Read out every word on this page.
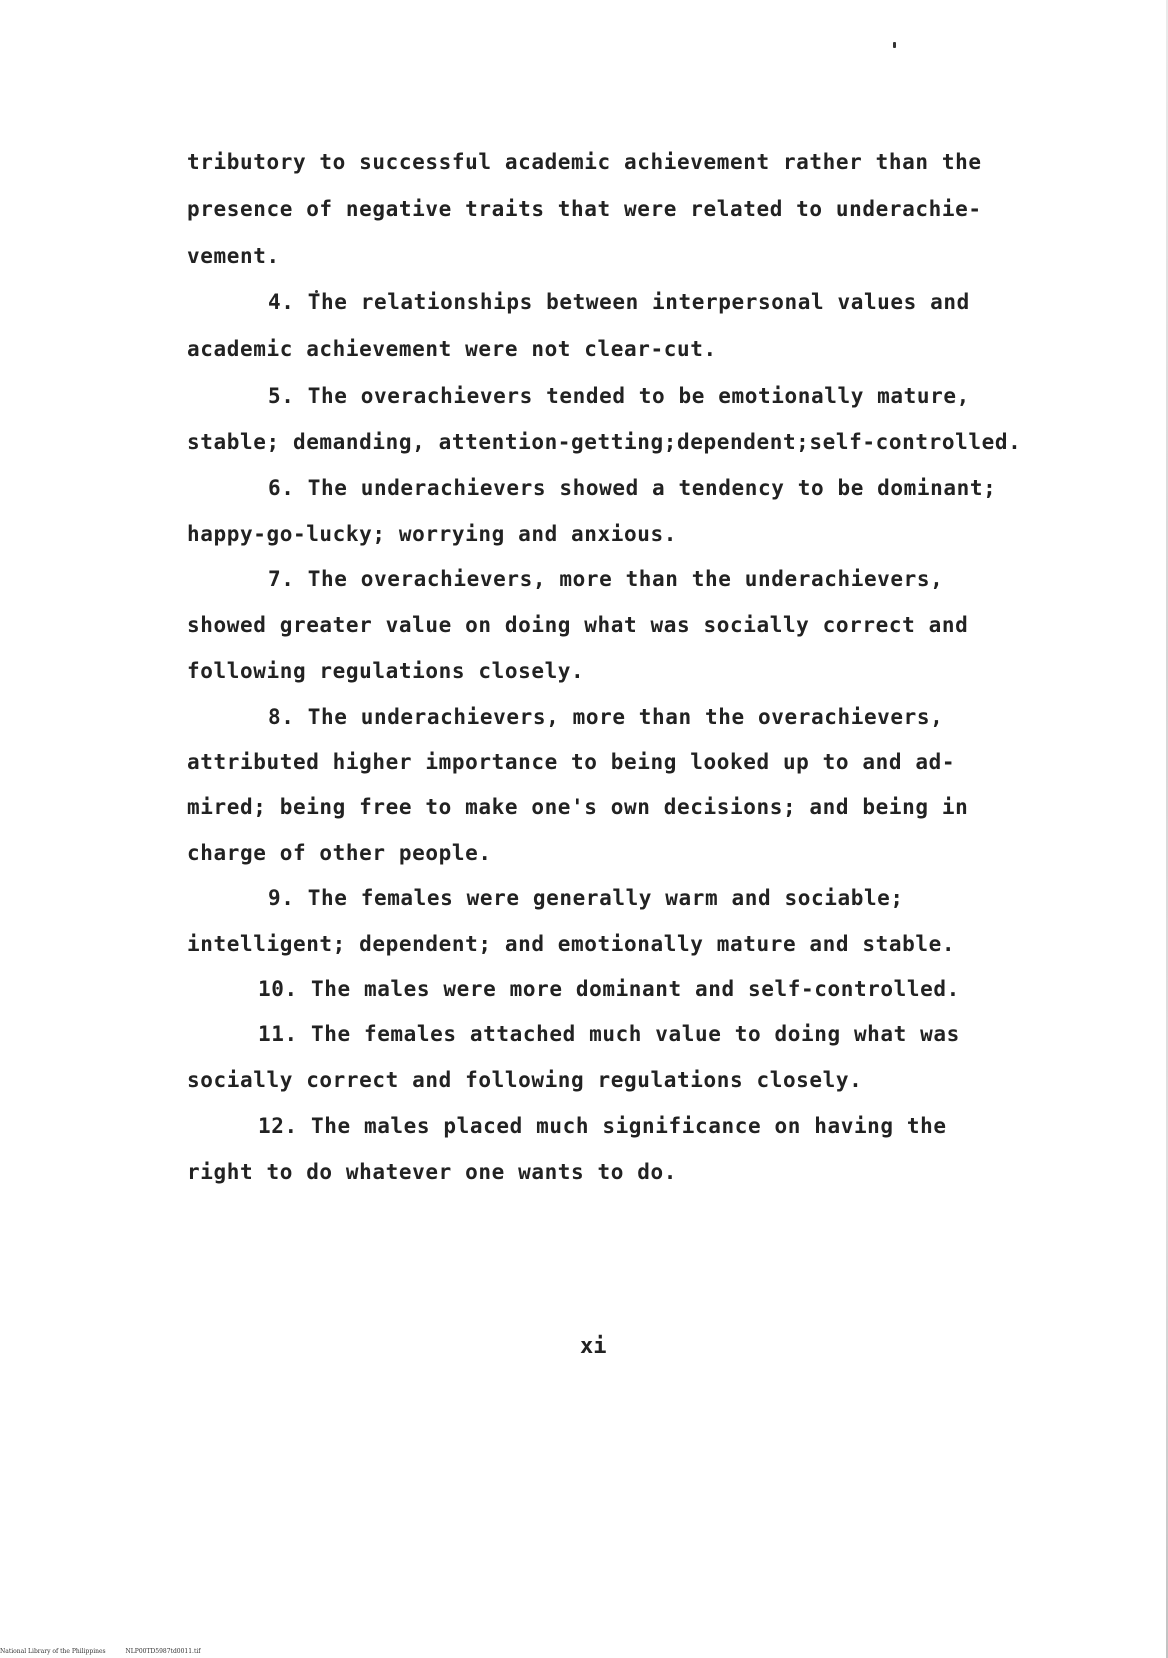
tributory to successful academic achievement rather than the
presence of negative traits that were related to underachie-
vement.
4. The relationships between interpersonal values and
academic achievement were not clear-cut.
5. The overachievers tended to be emotionally mature,
stable; demanding, attention-getting;dependent;self-controlled.
6. The underachievers showed a tendency to be dominant;
happy-go-lucky; worrying and anxious.
7. The overachievers, more than the underachievers,
showed greater value on doing what was socially correct and
following regulations closely.
8. The underachievers, more than the overachievers,
attributed higher importance to being looked up to and ad-
mired; being free to make one's own decisions; and being in
charge of other people.
9. The females were generally warm and sociable;
intelligent; dependent; and emotionally mature and stable.
10. The males were more dominant and self-controlled.
11. The females attached much value to doing what was
socially correct and following regulations closely.
12. The males placed much significance on having the
right to do whatever one wants to do.
xi
National Library of the Philippines	NLP00TD5987td0011.tif
